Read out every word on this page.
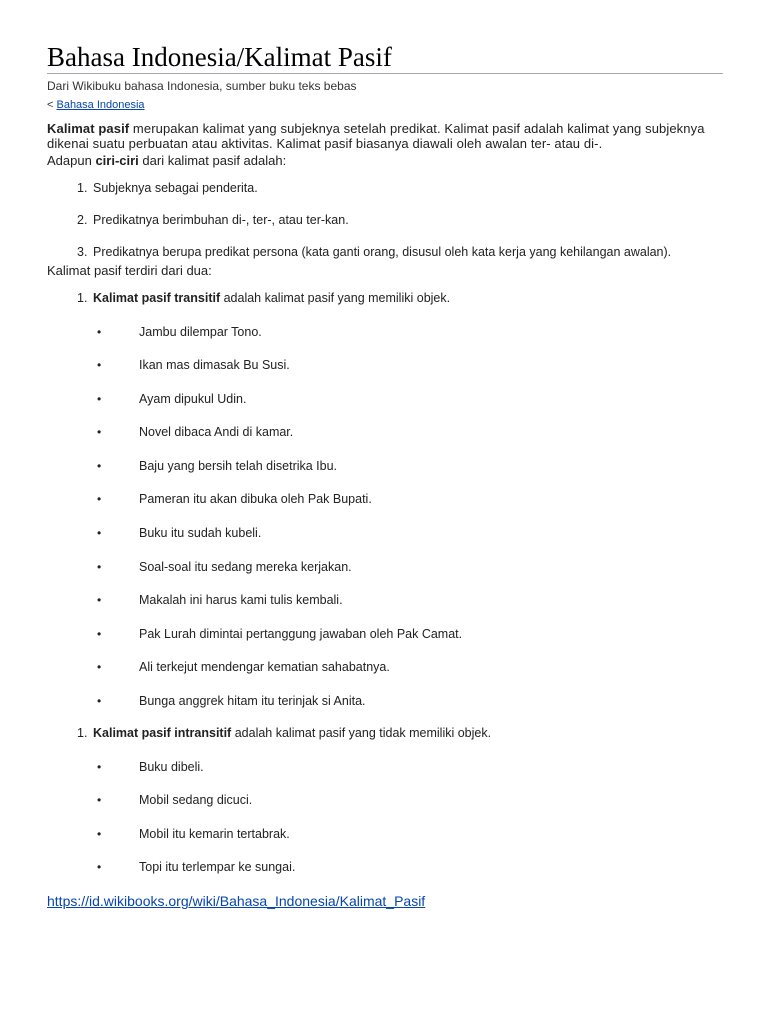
Bahasa Indonesia/Kalimat Pasif
Dari Wikibuku bahasa Indonesia, sumber buku teks bebas
< Bahasa Indonesia
Kalimat pasif merupakan kalimat yang subjeknya setelah predikat. Kalimat pasif adalah kalimat yang subjeknya dikenai suatu perbuatan atau aktivitas. Kalimat pasif biasanya diawali oleh awalan ter- atau di-.
Adapun ciri-ciri dari kalimat pasif adalah:
1. Subjeknya sebagai penderita.
2. Predikatnya berimbuhan di-, ter-, atau ter-kan.
3. Predikatnya berupa predikat persona (kata ganti orang, disusul oleh kata kerja yang kehilangan awalan).
Kalimat pasif terdiri dari dua:
1. Kalimat pasif transitif adalah kalimat pasif yang memiliki objek.
•	Jambu dilempar Tono.
•	Ikan mas dimasak Bu Susi.
•	Ayam dipukul Udin.
•	Novel dibaca Andi di kamar.
•	Baju yang bersih telah disetrika Ibu.
•	Pameran itu akan dibuka oleh Pak Bupati.
•	Buku itu sudah kubeli.
•	Soal-soal itu sedang mereka kerjakan.
•	Makalah ini harus kami tulis kembali.
•	Pak Lurah dimintai pertanggung jawaban oleh Pak Camat.
•	Ali terkejut mendengar kematian sahabatnya.
•	Bunga anggrek hitam itu terinjak si Anita.
1. Kalimat pasif intransitif adalah kalimat pasif yang tidak memiliki objek.
•	Buku dibeli.
•	Mobil sedang dicuci.
•	Mobil itu kemarin tertabrak.
•	Topi itu terlempar ke sungai.
https://id.wikibooks.org/wiki/Bahasa_Indonesia/Kalimat_Pasif
